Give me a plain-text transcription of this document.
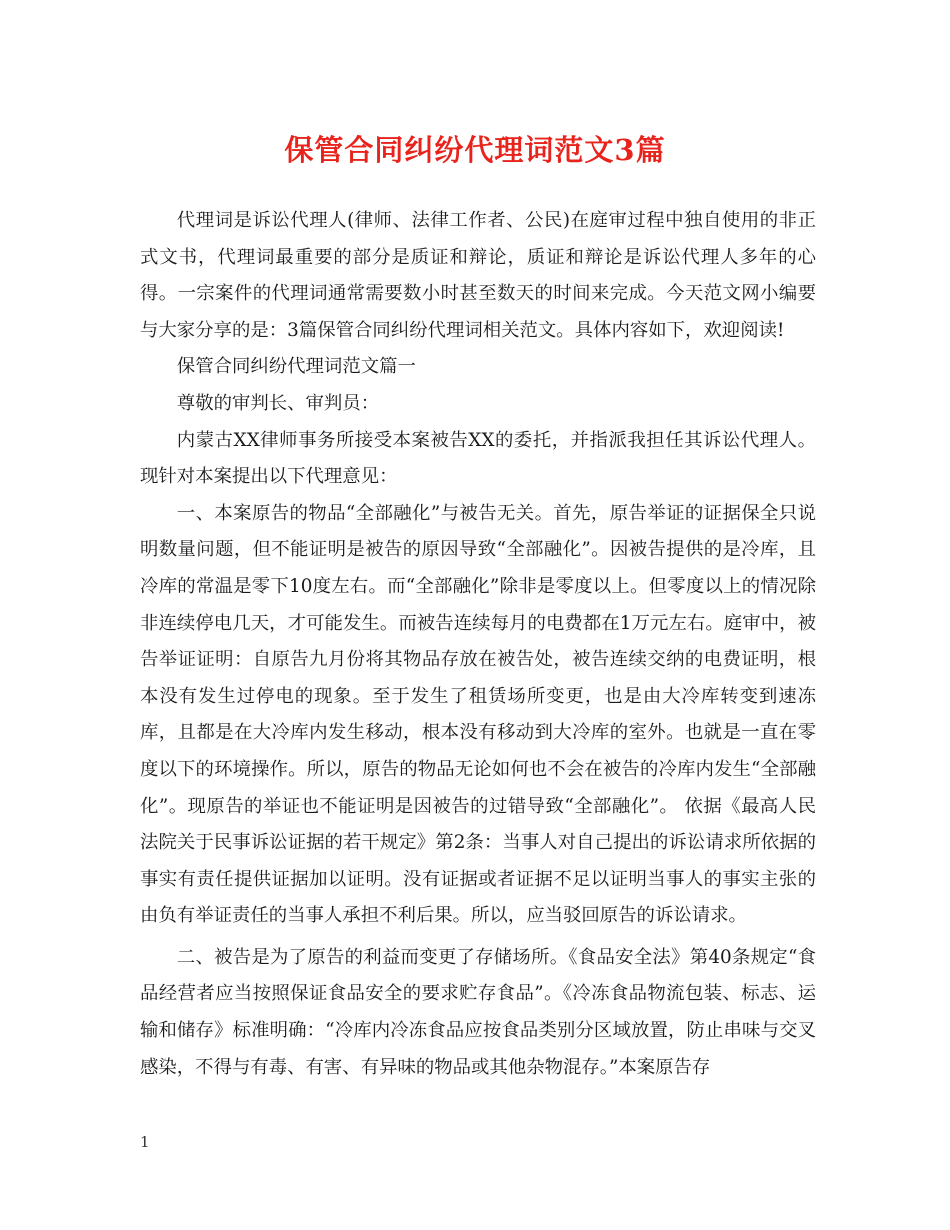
保管合同纠纷代理词范文3篇

代理词是诉讼代理人(律师、法律工作者、公民)在庭审过程中独自使用的非正式文书，代理词最重要的部分是质证和辩论，质证和辩论是诉讼代理人多年的心得。一宗案件的代理词通常需要数小时甚至数天的时间来完成。今天范文网小编要与大家分享的是：3篇保管合同纠纷代理词相关范文。具体内容如下，欢迎阅读!

保管合同纠纷代理词范文篇一

尊敬的审判长、审判员：

内蒙古XX律师事务所接受本案被告XX的委托，并指派我担任其诉讼代理人。现针对本案提出以下代理意见：

一、本案原告的物品“全部融化”与被告无关。首先，原告举证的证据保全只说明数量问题，但不能证明是被告的原因导致“全部融化”。因被告提供的是冷库，且冷库的常温是零下10度左右。而“全部融化”除非是零度以上。但零度以上的情况除非连续停电几天，才可能发生。而被告连续每月的电费都在1万元左右。庭审中，被告举证证明：自原告九月份将其物品存放在被告处，被告连续交纳的电费证明，根本没有发生过停电的现象。至于发生了租赁场所变更，也是由大冷库转变到速冻库，且都是在大冷库内发生移动，根本没有移动到大冷库的室外。也就是一直在零度以下的环境操作。所以，原告的物品无论如何也不会在被告的冷库内发生“全部融化”。现原告的举证也不能证明是因被告的过错导致“全部融化”。 依据《最高人民法院关于民事诉讼证据的若干规定》第2条：当事人对自己提出的诉讼请求所依据的事实有责任提供证据加以证明。没有证据或者证据不足以证明当事人的事实主张的由负有举证责任的当事人承担不利后果。所以，应当驳回原告的诉讼请求。

二、被告是为了原告的利益而变更了存储场所。《食品安全法》第40条规定“食品经营者应当按照保证食品安全的要求贮存食品”。《冷冻食品物流包装、标志、运输和储存》标准明确：“冷库内冷冻食品应按食品类别分区域放置，防止串味与交叉感染，不得与有毒、有害、有异味的物品或其他杂物混存。”本案原告存

1
